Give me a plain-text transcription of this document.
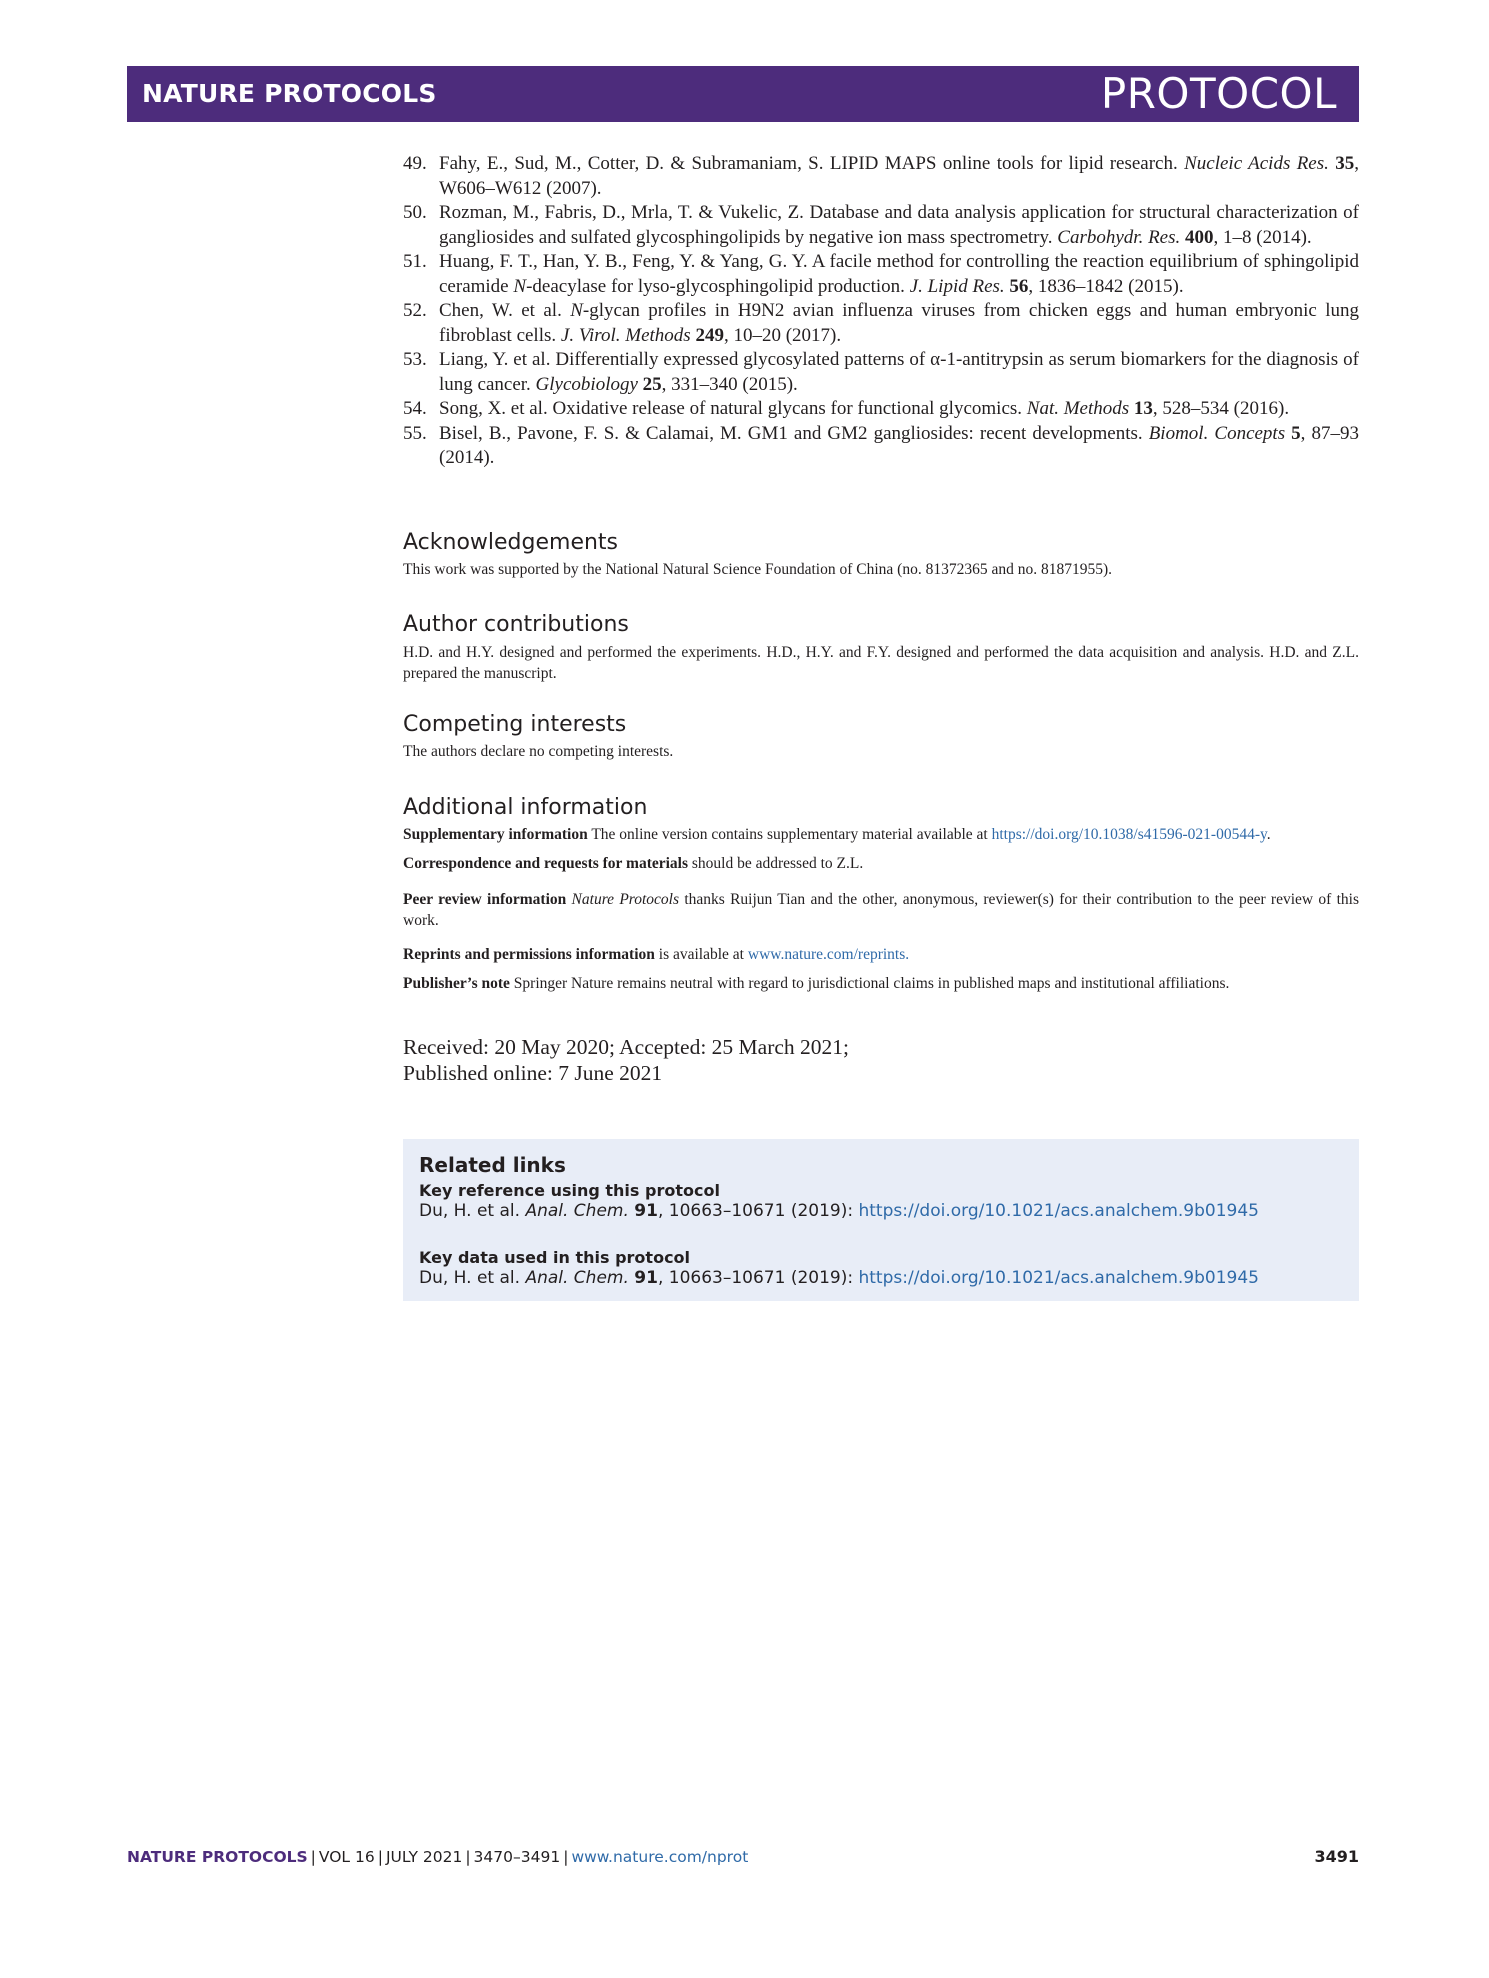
NATURE PROTOCOLS	PROTOCOL
49. Fahy, E., Sud, M., Cotter, D. & Subramaniam, S. LIPID MAPS online tools for lipid research. Nucleic Acids Res. 35, W606–W612 (2007).
50. Rozman, M., Fabris, D., Mrla, T. & Vukelic, Z. Database and data analysis application for structural characterization of gangliosides and sulfated glycosphingolipids by negative ion mass spectrometry. Carbohydr. Res. 400, 1–8 (2014).
51. Huang, F. T., Han, Y. B., Feng, Y. & Yang, G. Y. A facile method for controlling the reaction equilibrium of sphingolipid ceramide N-deacylase for lyso-glycosphingolipid production. J. Lipid Res. 56, 1836–1842 (2015).
52. Chen, W. et al. N-glycan profiles in H9N2 avian influenza viruses from chicken eggs and human embryonic lung fibroblast cells. J. Virol. Methods 249, 10–20 (2017).
53. Liang, Y. et al. Differentially expressed glycosylated patterns of α-1-antitrypsin as serum biomarkers for the diagnosis of lung cancer. Glycobiology 25, 331–340 (2015).
54. Song, X. et al. Oxidative release of natural glycans for functional glycomics. Nat. Methods 13, 528–534 (2016).
55. Bisel, B., Pavone, F. S. & Calamai, M. GM1 and GM2 gangliosides: recent developments. Biomol. Concepts 5, 87–93 (2014).
Acknowledgements
This work was supported by the National Natural Science Foundation of China (no. 81372365 and no. 81871955).
Author contributions
H.D. and H.Y. designed and performed the experiments. H.D., H.Y. and F.Y. designed and performed the data acquisition and analysis. H.D. and Z.L. prepared the manuscript.
Competing interests
The authors declare no competing interests.
Additional information
Supplementary information The online version contains supplementary material available at https://doi.org/10.1038/s41596-021-00544-y.
Correspondence and requests for materials should be addressed to Z.L.
Peer review information Nature Protocols thanks Ruijun Tian and the other, anonymous, reviewer(s) for their contribution to the peer review of this work.
Reprints and permissions information is available at www.nature.com/reprints.
Publisher’s note Springer Nature remains neutral with regard to jurisdictional claims in published maps and institutional affiliations.
Received: 20 May 2020; Accepted: 25 March 2021;
Published online: 7 June 2021
Related links
Key reference using this protocol
Du, H. et al. Anal. Chem. 91, 10663–10671 (2019): https://doi.org/10.1021/acs.analchem.9b01945
Key data used in this protocol
Du, H. et al. Anal. Chem. 91, 10663–10671 (2019): https://doi.org/10.1021/acs.analchem.9b01945
NATURE PROTOCOLS | VOL 16 | JULY 2021 | 3470–3491 | www.nature.com/nprot	3491
